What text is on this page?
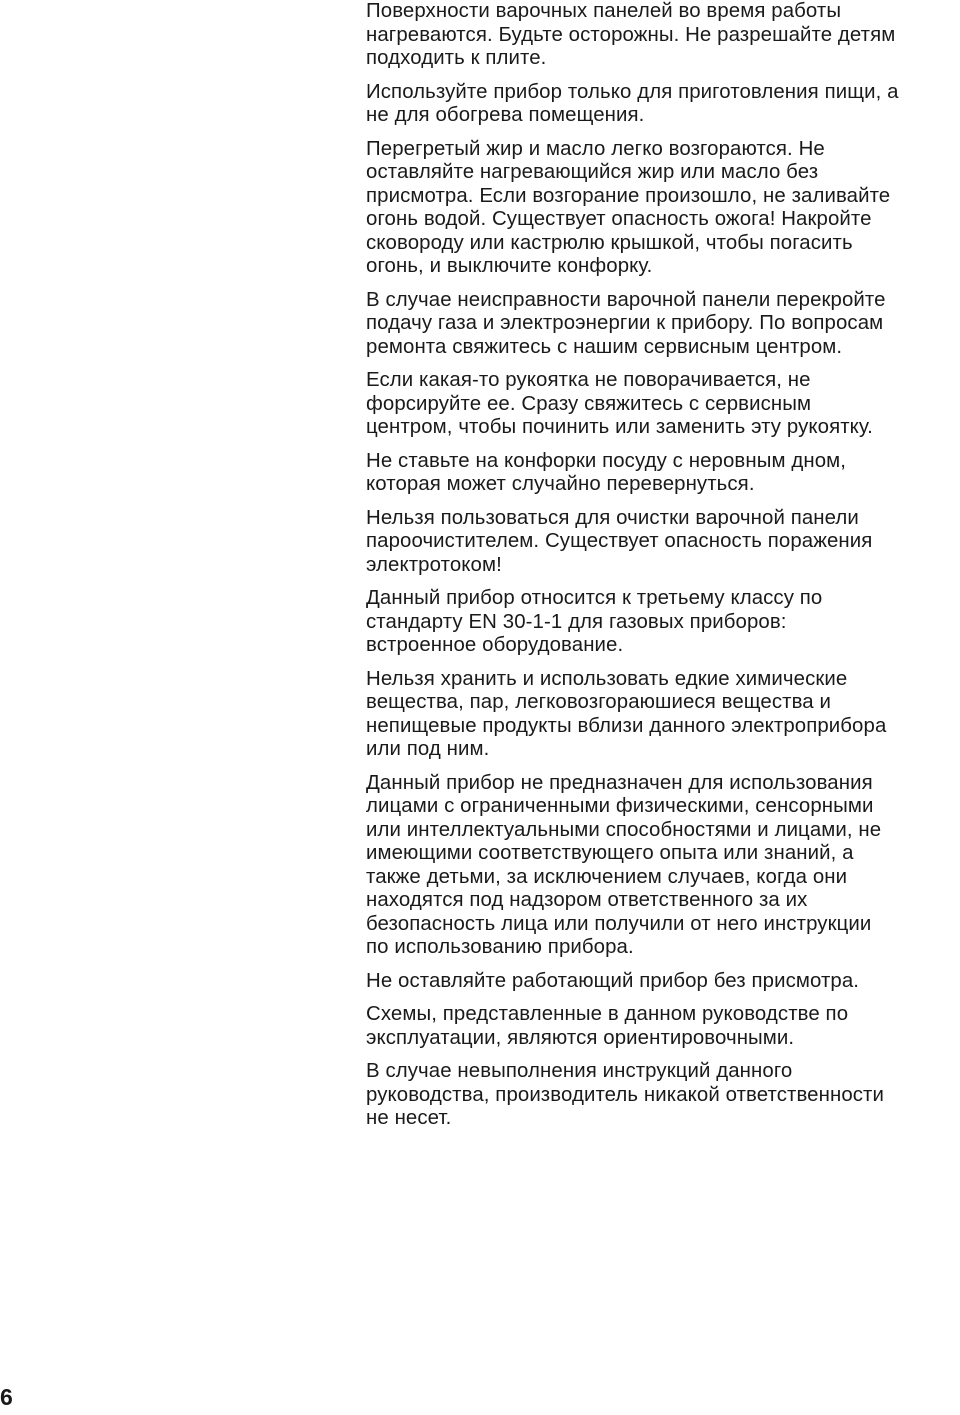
Поверхности варочных панелей во время работы
нагреваются. Будьте осторожны. Не разрешайте детям
подходить к плите.

Используйте прибор только для приготовления пищи, а
не для обогрева помещения.

Перегретый жир и масло легко возгораются. Не
оставляйте нагревающийся жир или масло без
присмотра. Если возгорание произошло, не заливайте
огонь водой. Существует опасность ожога! Накройте
сковороду или кастрюлю крышкой, чтобы погасить
огонь, и выключите конфорку.

В случае неисправности варочной панели перекройте
подачу газа и электроэнергии к прибору. По вопросам
ремонта свяжитесь с нашим сервисным центром.

Если какая-то рукоятка не поворачивается, не
форсируйте ее. Сразу свяжитесь с сервисным
центром, чтобы починить или заменить эту рукоятку.

Не ставьте на конфорки посуду с неровным дном,
которая может случайно перевернуться.

Нельзя пользоваться для очистки варочной панели
пароочистителем. Существует опасность поражения
электротоком!

Данный прибор относится к третьему классу по
стандарту EN 30-1-1 для газовых приборов:
встроенное оборудование.

Нельзя хранить и использовать едкие химические
вещества, пар, легковозгораюшиеся вещества и
непищевые продукты вблизи данного электроприбора
или под ним.

Данный прибор не предназначен для использования
лицами с ограниченными физическими, сенсорными
или интеллектуальными способностями и лицами, не
имеющими соответствующего опыта или знаний, а
также детьми, за исключением случаев, когда они
находятся под надзором ответственного за их
безопасность лица или получили от него инструкции
по использованию прибора.

Не оставляйте работающий прибор без присмотра.

Схемы, представленные в данном руководстве по
эксплуатации, являются ориентировочными.

В случае невыполнения инструкций данного
руководства, производитель никакой ответственности
не несет.

6
